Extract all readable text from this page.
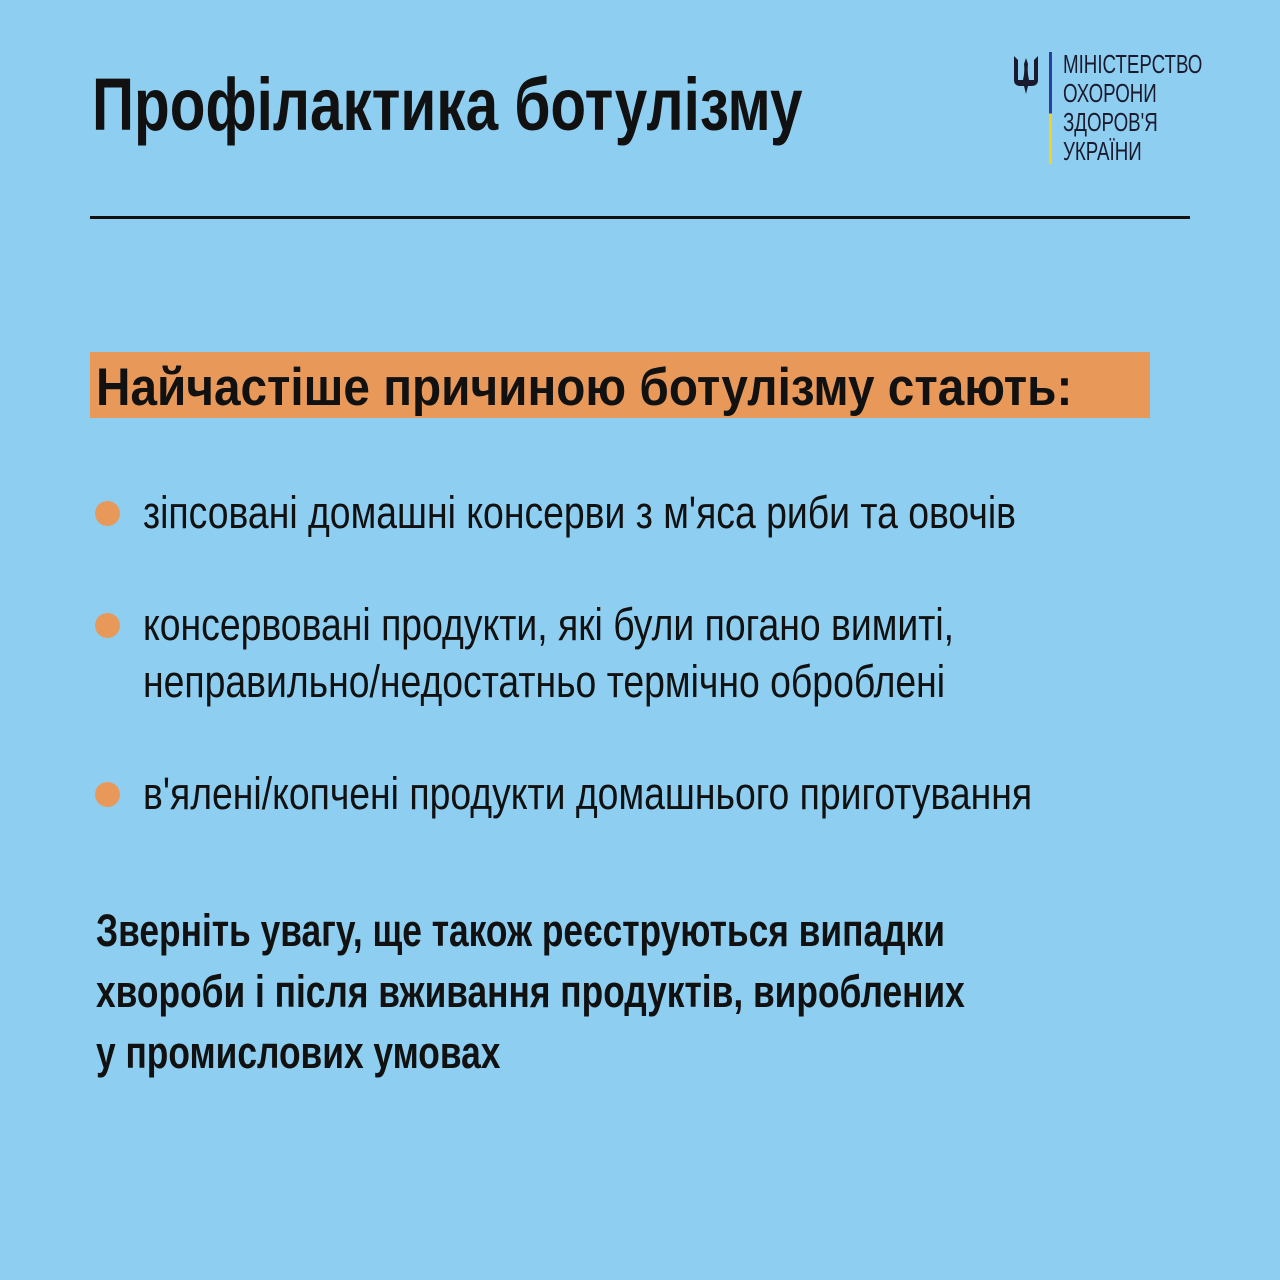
Профілактика ботулізму	МІНІСТЕРСТВО
ОХОРОНИ
ЗДОРОВ'Я
УКРАЇНИ
Найчастіше причиною ботулізму стають:
зіпсовані домашні консерви з м'яса риби та овочів
консервовані продукти, які були погано вимиті,
неправильно/недостатньо термічно оброблені
в'ялені/копчені продукти домашнього приготування
Зверніть увагу, ще також реєструються випадки
хвороби і після вживання продуктів, вироблених
у промислових умовах
